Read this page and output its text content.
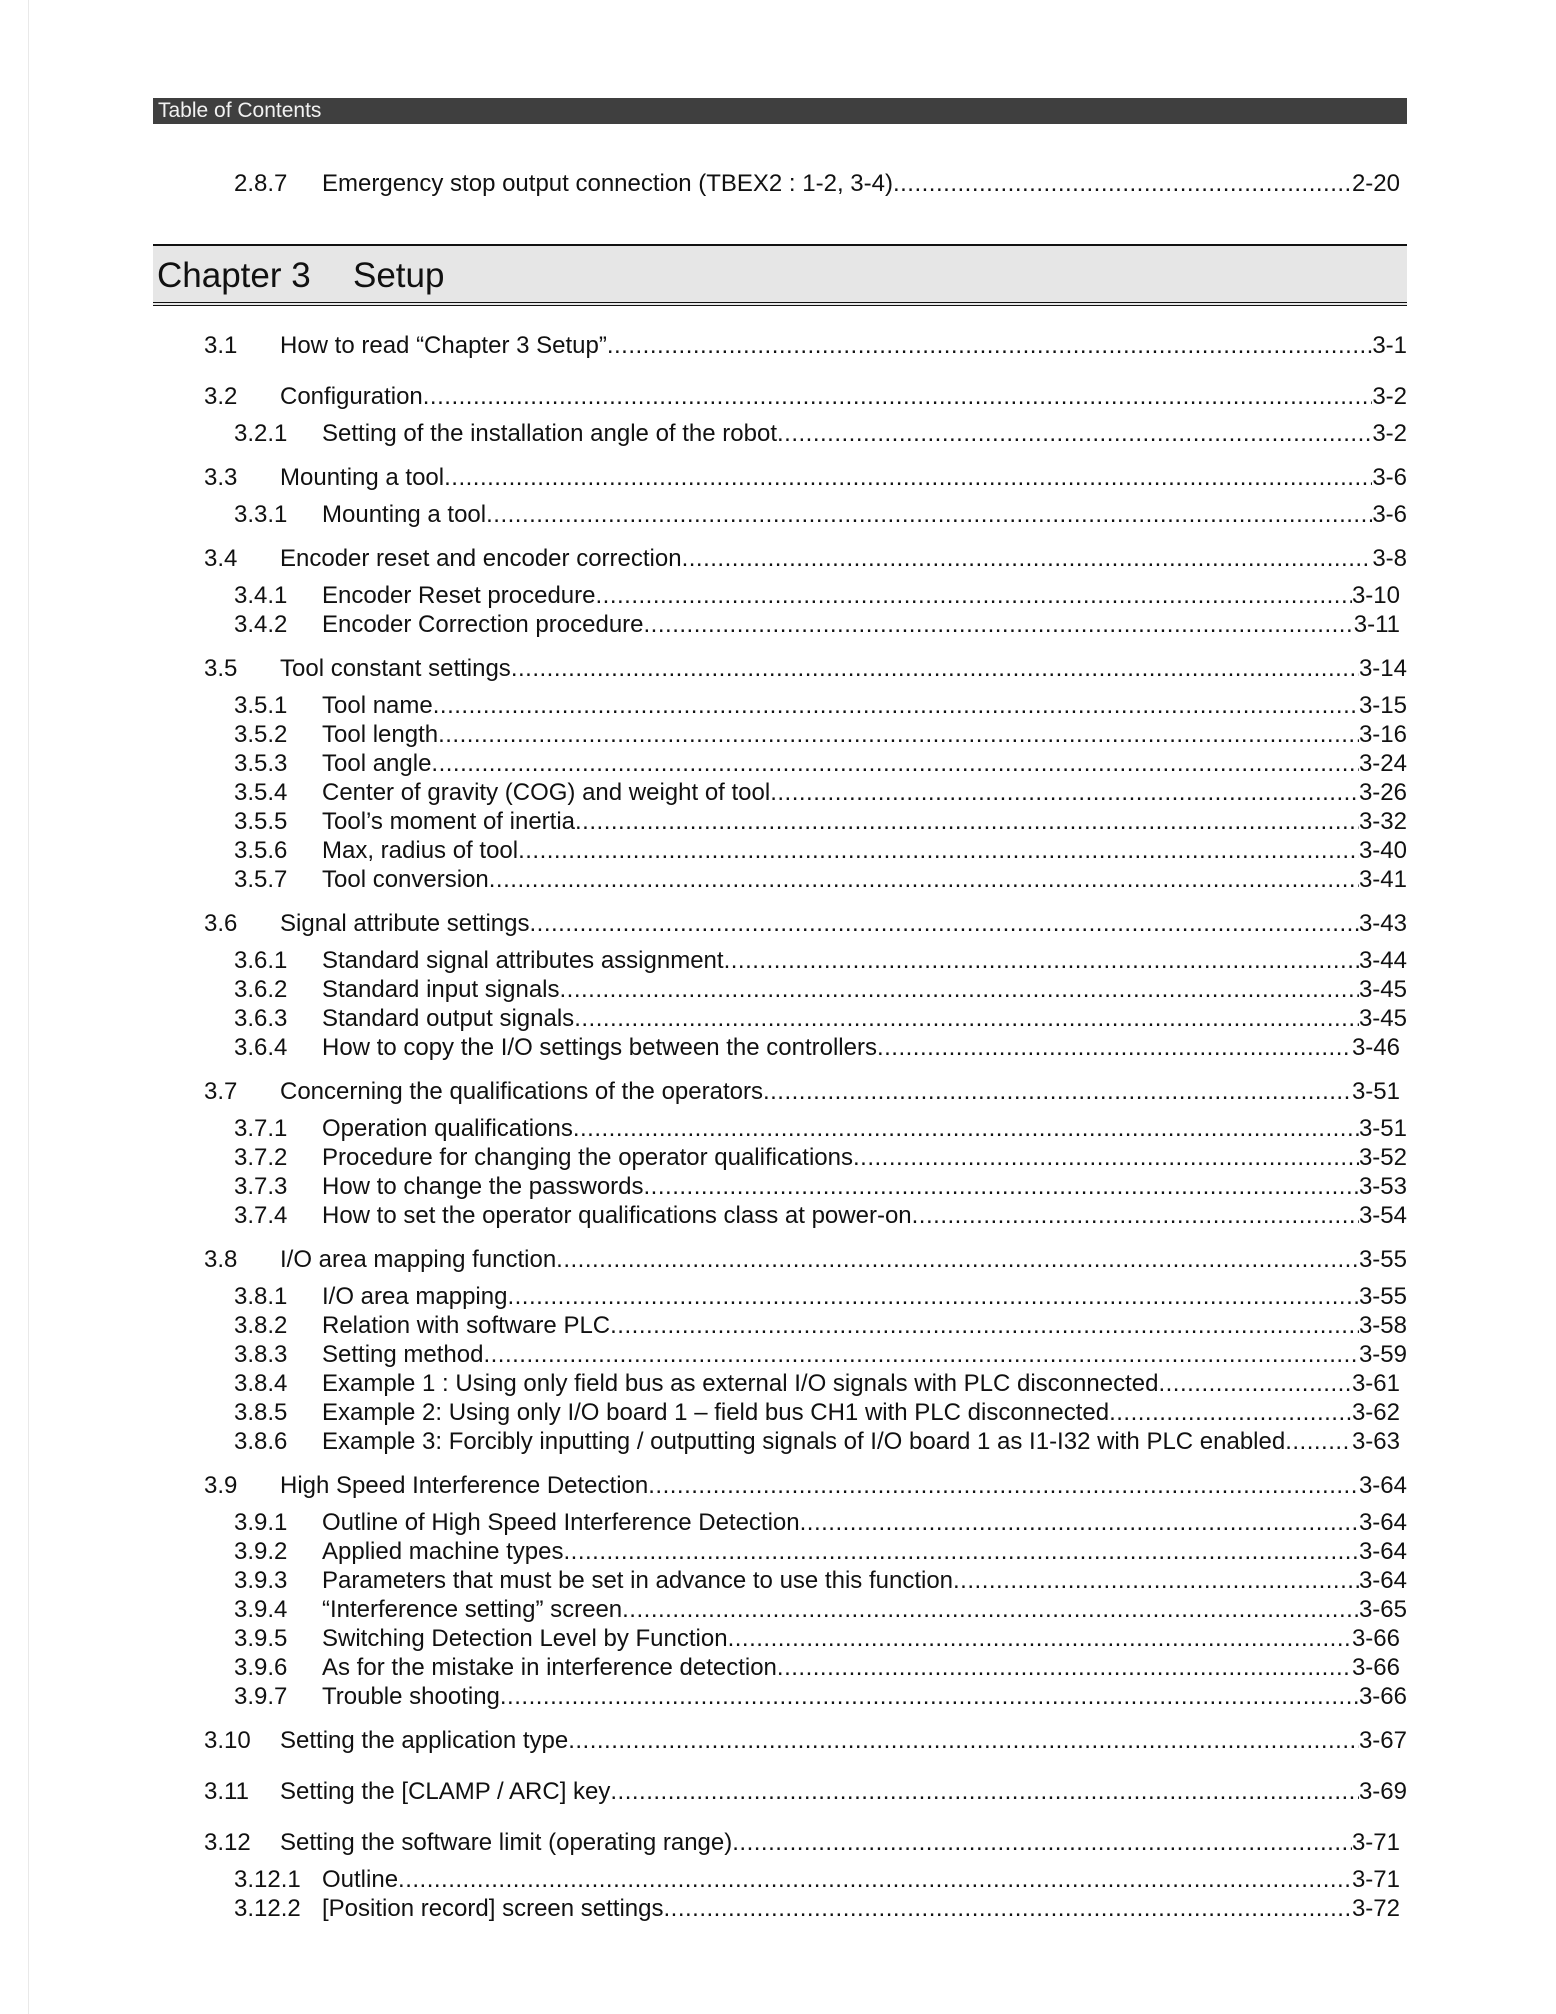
Table of Contents
Chapter 3 Setup
2.8.7 Emergency stop output connection (TBEX2 : 1-2, 3-4) .....	2-20
3.1 How to read “Chapter 3 Setup” .....	3-1
3.2 Configuration .....	3-2
3.2.1 Setting of the installation angle of the robot .....	3-2
3.3 Mounting a tool .....	3-6
3.3.1 Mounting a tool .....	3-6
3.4 Encoder reset and encoder correction .....	3-8
3.4.1 Encoder Reset procedure .....	3-10
3.4.2 Encoder Correction procedure .....	3-11
3.5 Tool constant settings .....	3-14
3.5.1 Tool name .....	3-15
3.5.2 Tool length .....	3-16
3.5.3 Tool angle .....	3-24
3.5.4 Center of gravity (COG) and weight of tool .....	3-26
3.5.5 Tool’s moment of inertia .....	3-32
3.5.6 Max, radius of tool .....	3-40
3.5.7 Tool conversion .....	3-41
3.6 Signal attribute settings .....	3-43
3.6.1 Standard signal attributes assignment .....	3-44
3.6.2 Standard input signals .....	3-45
3.6.3 Standard output signals .....	3-45
3.6.4 How to copy the I/O settings between the controllers .....	3-46
3.7 Concerning the qualifications of the operators .....	3-51
3.7.1 Operation qualifications .....	3-51
3.7.2 Procedure for changing the operator qualifications .....	3-52
3.7.3 How to change the passwords .....	3-53
3.7.4 How to set the operator qualifications class at power-on .....	3-54
3.8 I/O area mapping function .....	3-55
3.8.1 I/O area mapping .....	3-55
3.8.2 Relation with software PLC .....	3-58
3.8.3 Setting method .....	3-59
3.8.4 Example 1 : Using only field bus as external I/O signals with PLC disconnected .....	3-61
3.8.5 Example 2: Using only I/O board 1 – field bus CH1 with PLC disconnected .....	3-62
3.8.6 Example 3: Forcibly inputting / outputting signals of I/O board 1 as I1-I32 with PLC enabled .....	3-63
3.9 High Speed Interference Detection .....	3-64
3.9.1 Outline of High Speed Interference Detection .....	3-64
3.9.2 Applied machine types .....	3-64
3.9.3 Parameters that must be set in advance to use this function .....	3-64
3.9.4 “Interference setting” screen .....	3-65
3.9.5 Switching Detection Level by Function .....	3-66
3.9.6 As for the mistake in interference detection .....	3-66
3.9.7 Trouble shooting .....	3-66
3.10 Setting the application type .....	3-67
3.11 Setting the [CLAMP / ARC] key .....	3-69
3.12 Setting the software limit (operating range) .....	3-71
3.12.1 Outline .....	3-71
3.12.2 [Position record] screen settings .....	3-72
